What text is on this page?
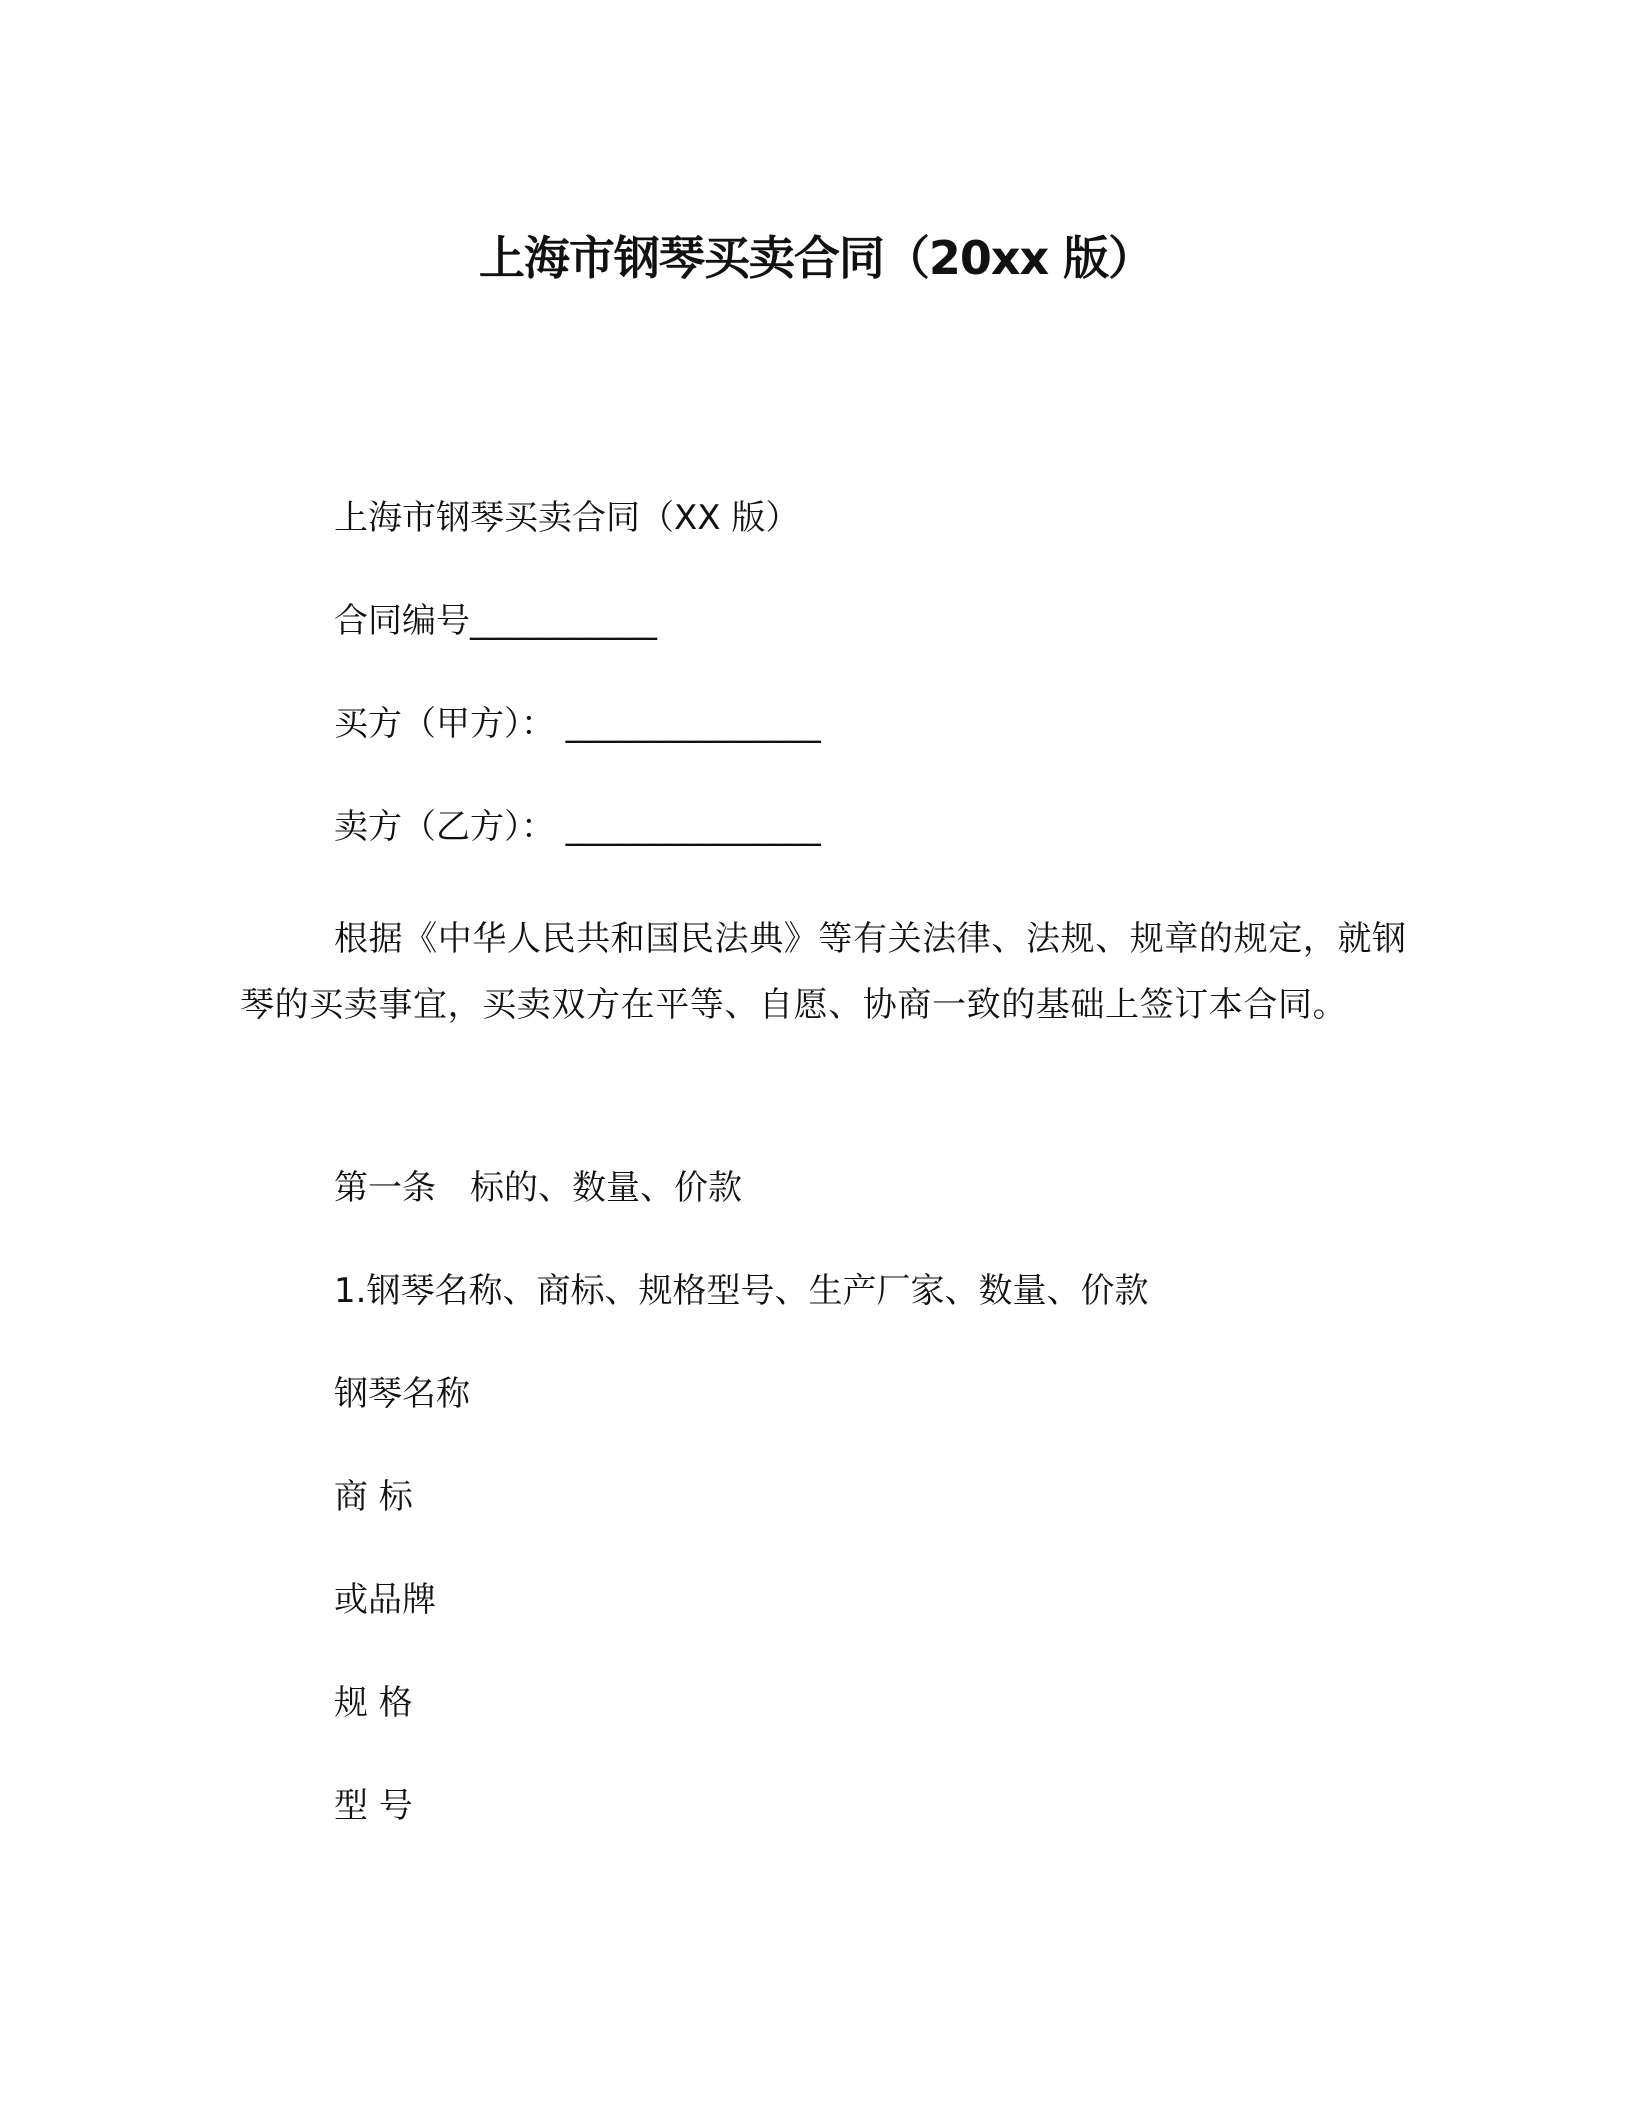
上海市钢琴买卖合同（20xx 版）
上海市钢琴买卖合同（XX 版）
合同编号___________
买方（甲方）： _______________
卖方（乙方）： _______________
根据《中华人民共和国民法典》等有关法律、法规、规章的规定，就钢琴的买卖事宜，买卖双方在平等、自愿、协商一致的基础上签订本合同。
第一条　标的、数量、价款
1.钢琴名称、商标、规格型号、生产厂家、数量、价款
钢琴名称
商 标
或品牌
规 格
型 号
